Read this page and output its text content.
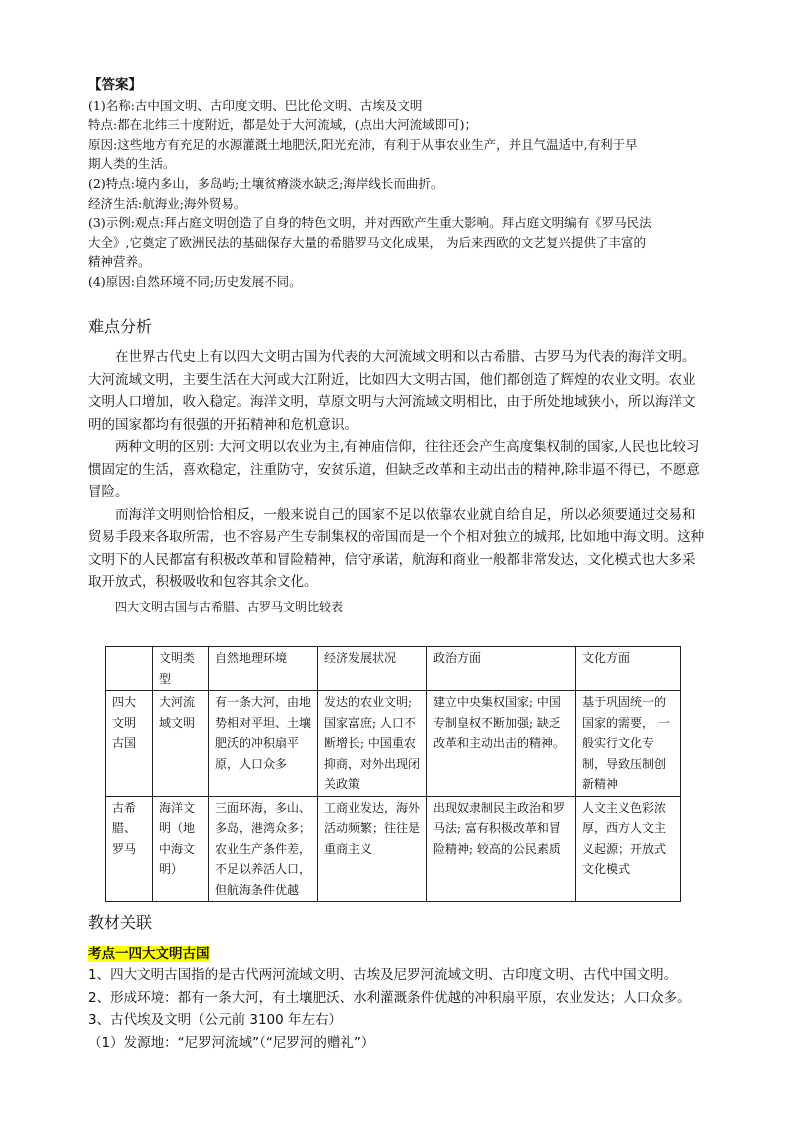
【答案】

(1)名称:古中国文明、古印度文明、巴比伦文明、古埃及文明

特点:都在北纬三十度附近，都是处于大河流域，(点出大河流域即可)；

原因:这些地方有充足的水源灌溉土地肥沃,阳光充沛，有利于从事农业生产，并且气温适中,有利于早

期人类的生活。

(2)特点:境内多山，多岛屿;土壤贫瘠淡水缺乏;海岸线长而曲折。

经济生活:航海业;海外贸易。

(3)示例:观点:拜占庭文明创造了自身的特色文明，并对西欧产生重大影响。拜占庭文明编有《罗马民法

大全》,它奠定了欧洲民法的基础保存大量的希腊罗马文化成果， 为后来西欧的文艺复兴提供了丰富的

精神营养。

(4)原因:自然环境不同;历史发展不同。

难点分析

在世界古代史上有以四大文明古国为代表的大河流域文明和以古希腊、古罗马为代表的海洋文明。大河流域文明，主要生活在大河或大江附近，比如四大文明古国，他们都创造了辉煌的农业文明。农业文明人口增加，收入稳定。海洋文明，草原文明与大河流域文明相比，由于所处地域狭小，所以海洋文明的国家都均有很强的开拓精神和危机意识。

两种文明的区别: 大河文明以农业为主,有神庙信仰，往往还会产生高度集权制的国家,人民也比较习惯固定的生活，喜欢稳定，注重防守，安贫乐道，但缺乏改革和主动出击的精神,除非逼不得已，不愿意

冒险。

而海洋文明则恰恰相反，一般来说自己的国家不足以依靠农业就自给自足，所以必须要通过交易和贸易手段来各取所需，也不容易产生专制集权的帝国而是一个个相对独立的城邦, 比如地中海文明。这种文明下的人民都富有积极改革和冒险精神，信守承诺，航海和商业一般都非常发达，文化模式也大多采取开放式，积极吸收和包容其余文化。

四大文明古国与古希腊、古罗马文明比较表
	文明类型	自然地理环境	经济发展状况	政治方面	文化方面
四大文明古国	大河流域文明	有一条大河，由地势相对平坦、土壤肥沃的冲积扇平原，人口众多	发达的农业文明;国家富庶; 人口不断增长; 中国重农抑商，对外出现闭关政策	建立中央集权国家; 中国专制皇权不断加强; 缺乏改革和主动出击的精神。	基于巩固统一的国家的需要， 一般实行文化专制，导致压制创新精神
古希腊、罗马	海洋文明（地中海文明）	三面环海，多山、多岛，港湾众多；农业生产条件差，不足以养活人口，但航海条件优越	工商业发达，海外活动频繁；往往是重商主义	出现奴隶制民主政治和罗马法; 富有积极改革和冒险精神; 较高的公民素质	人文主义色彩浓厚，西方人文主义起源；开放式文化模式
教材关联
考点一四大文明古国

1、四大文明古国指的是古代两河流域文明、古埃及尼罗河流域文明、古印度文明、古代中国文明。

2、形成环境：都有一条大河，有土壤肥沃、水利灌溉条件优越的冲积扇平原，农业发达；人口众多。

3、古代埃及文明（公元前 3100 年左右）

（1）发源地：“尼罗河流域”（“尼罗河的赠礼”）
